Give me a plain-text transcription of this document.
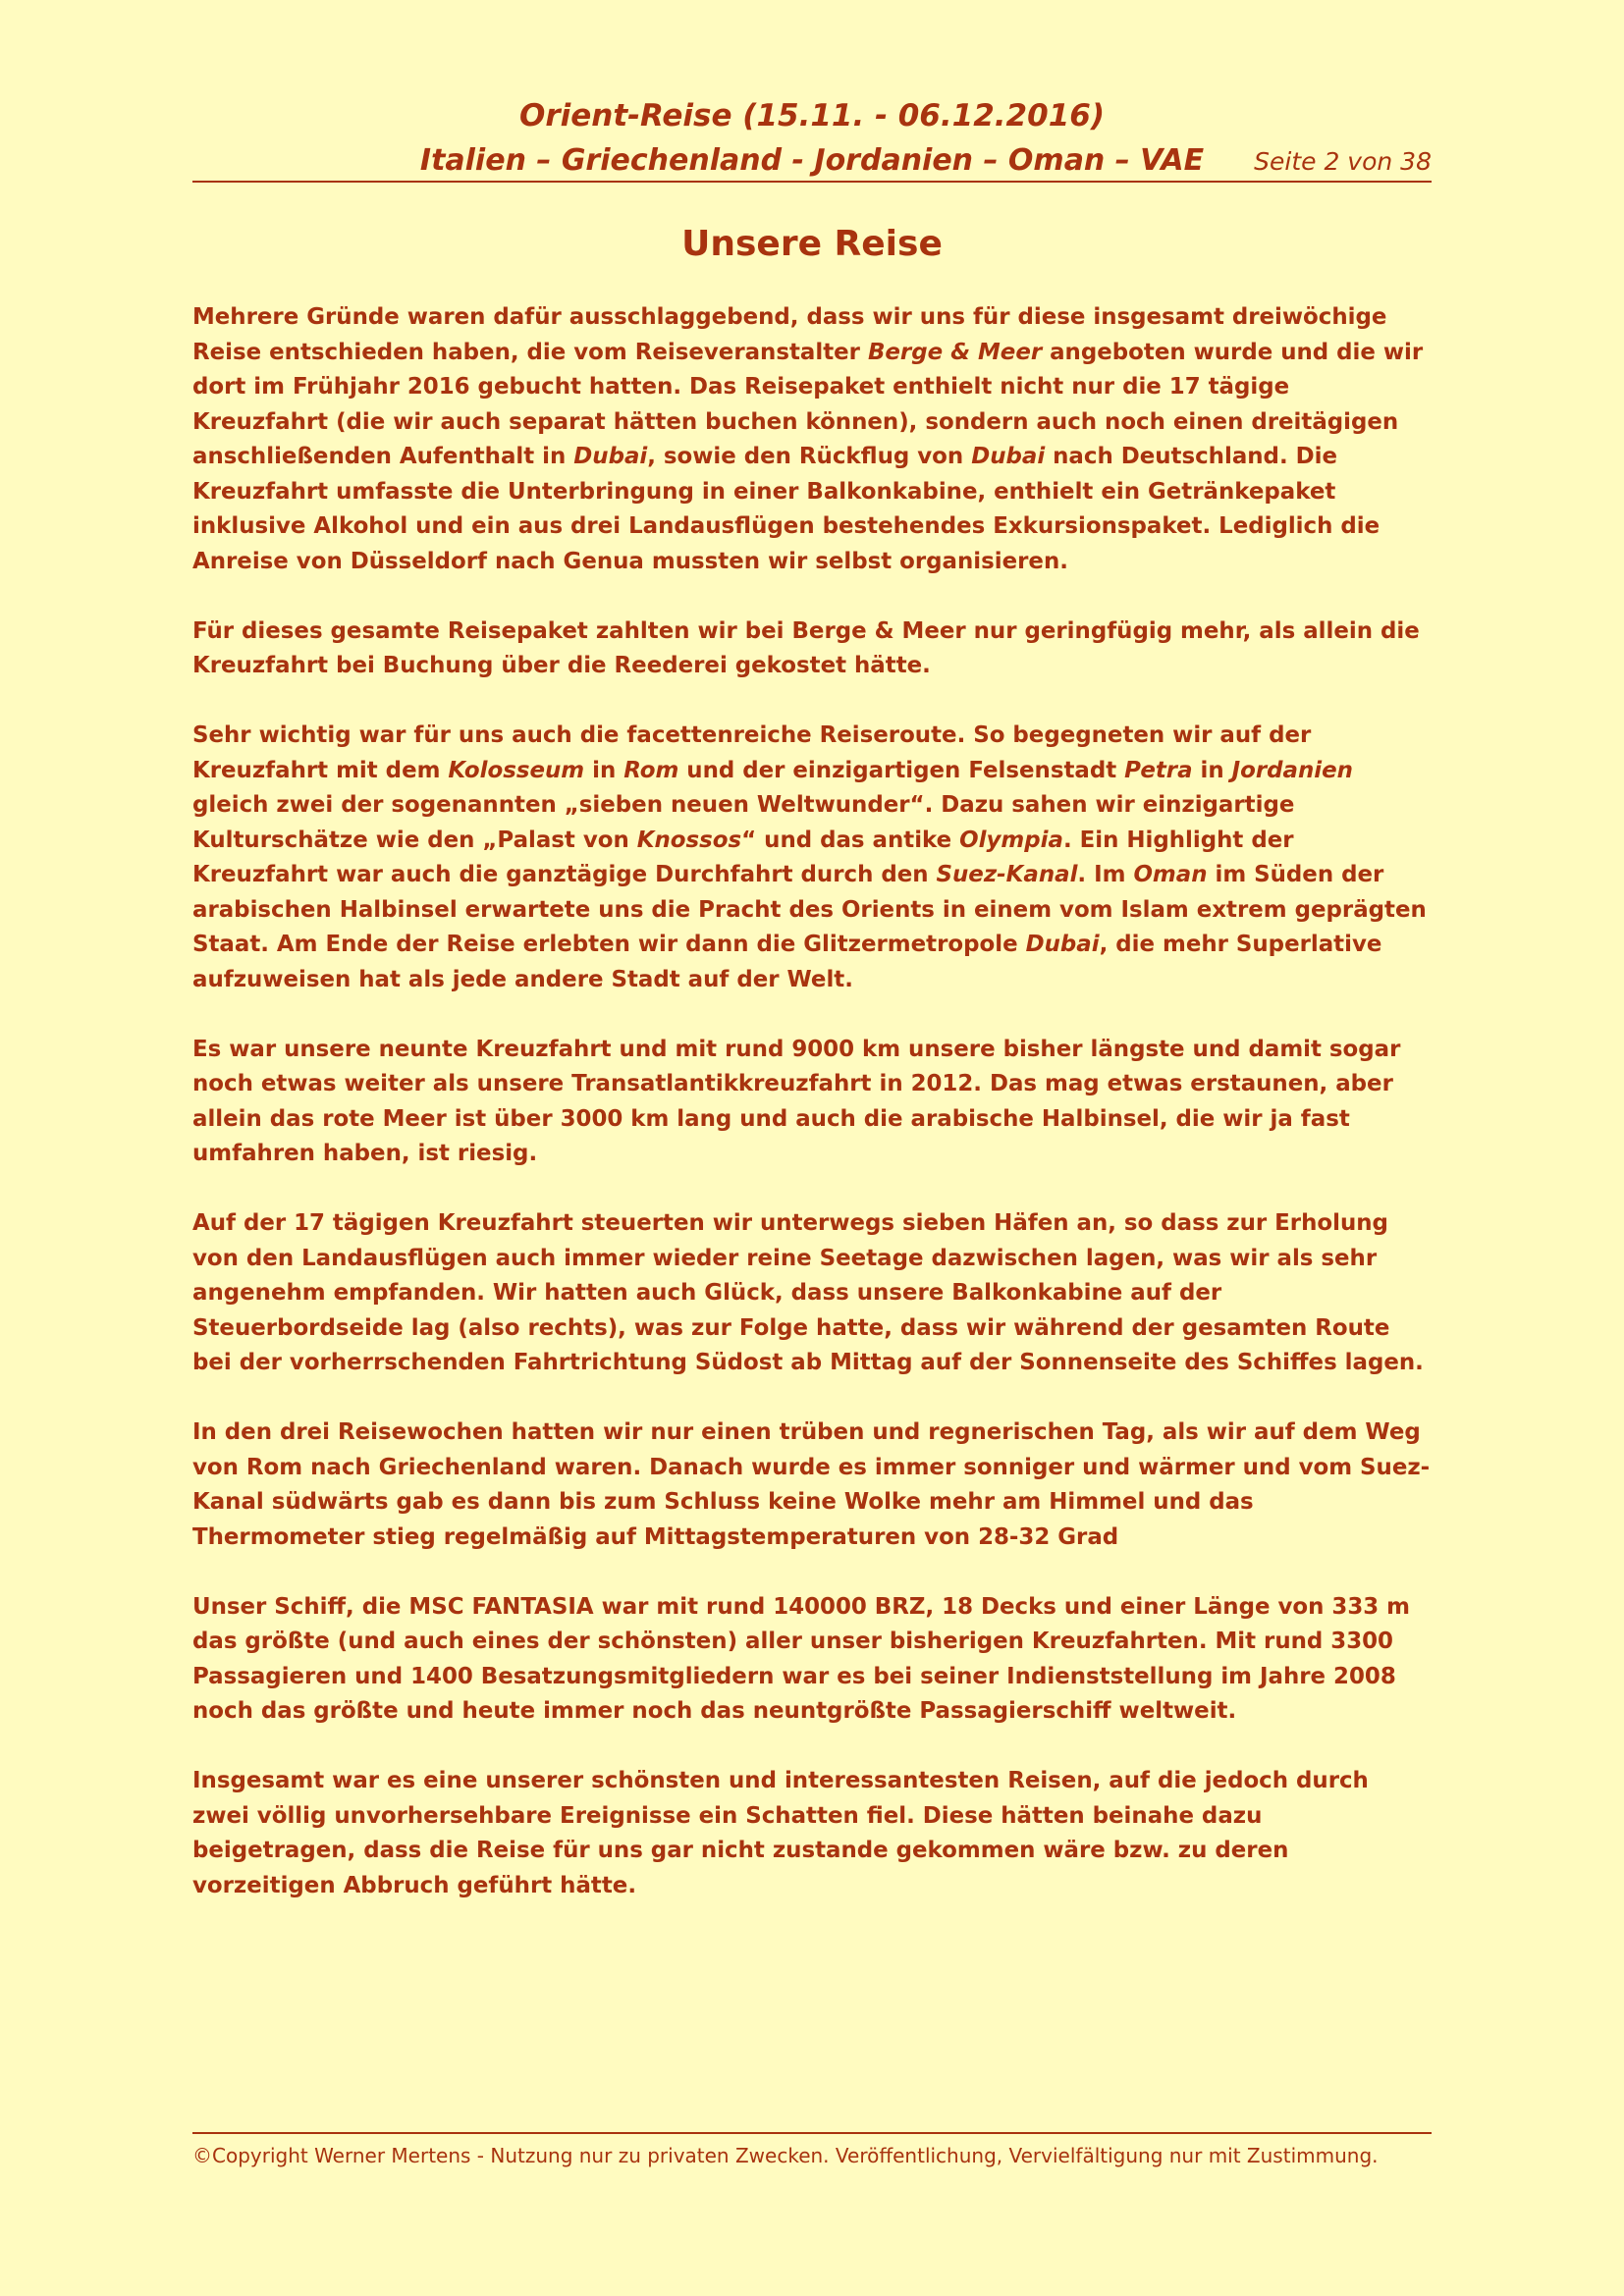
Orient-Reise (15.11. - 06.12.2016)
Italien – Griechenland - Jordanien – Oman – VAE	Seite 2 von 38
Unsere Reise

Mehrere Gründe waren dafür ausschlaggebend, dass wir uns für diese insgesamt dreiwöchige Reise entschieden haben, die vom Reiseveranstalter Berge & Meer angeboten wurde und die wir dort im Frühjahr 2016 gebucht hatten. Das Reisepaket enthielt nicht nur die 17 tägige Kreuzfahrt (die wir auch separat hätten buchen können), sondern auch noch einen dreitägigen anschließenden Aufenthalt in Dubai, sowie den Rückflug von Dubai nach Deutschland. Die Kreuzfahrt umfasste die Unterbringung in einer Balkonkabine, enthielt ein Getränkepaket inklusive Alkohol und ein aus drei Landausflügen bestehendes Exkursionspaket. Lediglich die Anreise von Düsseldorf nach Genua mussten wir selbst organisieren.

Für dieses gesamte Reisepaket zahlten wir bei Berge & Meer nur geringfügig mehr, als allein die Kreuzfahrt bei Buchung über die Reederei gekostet hätte.

Sehr wichtig war für uns auch die facettenreiche Reiseroute. So begegneten wir auf der Kreuzfahrt mit dem Kolosseum in Rom und der einzigartigen Felsenstadt Petra in Jordanien gleich zwei der sogenannten „sieben neuen Weltwunder“. Dazu sahen wir einzigartige Kulturschätze wie den „Palast von Knossos“ und das antike Olympia. Ein Highlight der Kreuzfahrt war auch die ganztägige Durchfahrt durch den Suez-Kanal. Im Oman im Süden der arabischen Halbinsel erwartete uns die Pracht des Orients in einem vom Islam extrem geprägten Staat. Am Ende der Reise erlebten wir dann die Glitzermetropole Dubai, die mehr Superlative aufzuweisen hat als jede andere Stadt auf der Welt.

Es war unsere neunte Kreuzfahrt und mit rund 9000 km unsere bisher längste und damit sogar noch etwas weiter als unsere Transatlantikkreuzfahrt in 2012. Das mag etwas erstaunen, aber allein das rote Meer ist über 3000 km lang und auch die arabische Halbinsel, die wir ja fast umfahren haben, ist riesig.

Auf der 17 tägigen Kreuzfahrt steuerten wir unterwegs sieben Häfen an, so dass zur Erholung von den Landausflügen auch immer wieder reine Seetage dazwischen lagen, was wir als sehr angenehm empfanden. Wir hatten auch Glück, dass unsere Balkonkabine auf der Steuerbordseide lag (also rechts), was zur Folge hatte, dass wir während der gesamten Route bei der vorherrschenden Fahrtrichtung Südost ab Mittag auf der Sonnenseite des Schiffes lagen.

In den drei Reisewochen hatten wir nur einen trüben und regnerischen Tag, als wir auf dem Weg von Rom nach Griechenland waren. Danach wurde es immer sonniger und wärmer und vom Suez-Kanal südwärts gab es dann bis zum Schluss keine Wolke mehr am Himmel und das Thermometer stieg regelmäßig auf Mittagstemperaturen von 28-32 Grad

Unser Schiff, die MSC FANTASIA war mit rund 140000 BRZ, 18 Decks und einer Länge von 333 m das größte (und auch eines der schönsten) aller unser bisherigen Kreuzfahrten. Mit rund 3300 Passagieren und 1400 Besatzungsmitgliedern war es bei seiner Indienststellung im Jahre 2008 noch das größte und heute immer noch das neuntgrößte Passagierschiff weltweit.

Insgesamt war es eine unserer schönsten und interessantesten Reisen, auf die jedoch durch zwei völlig unvorhersehbare Ereignisse ein Schatten fiel. Diese hätten beinahe dazu beigetragen, dass die Reise für uns gar nicht zustande gekommen wäre bzw. zu deren vorzeitigen Abbruch geführt hätte.

©Copyright Werner Mertens - Nutzung nur zu privaten Zwecken. Veröffentlichung, Vervielfältigung nur mit Zustimmung.
